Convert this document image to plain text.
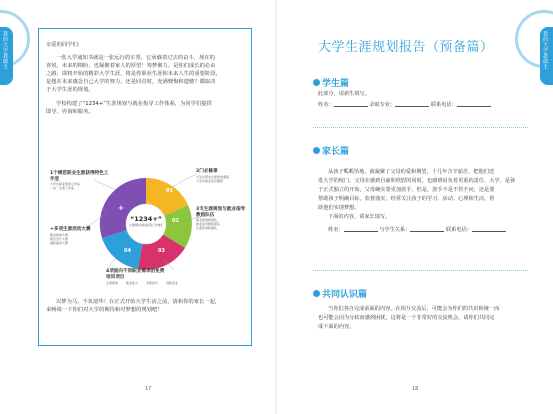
我的大学我做主	亲爱的同学们:
一张入学通知书就是一张远行的车票，它承载着过去的奋斗，现在的
喜悦，未来的期盼，也凝聚着家人的厚望！筹梦聚力，是你们成长的必由
之路，即将开始的精彩大学生涯，将是你职业生涯和未来人生的重要阶段，
是想在未来感念自己大学的努力，还是回首时，充满懊悔和遗憾？都取决
于大学生涯的规划。
学校构建了“1234+”生涯规划与就业指导工作体系，为同学们提供
即导、咨询和服务。
“1234+”
生涯规划与就业指导工作体系
01
02
03
04
+
1个模范职业生涯获得特色工作室
大学生职业规划工作室
—校一生涯工作室
2门必修课
大学生职业生涯规划课程
大学生就业指导课程
3支生涯规划与就业指导教师队伍
职业规划师团队
就业指导教师团队
生涯咨询师团队
4项面向不同职业需求的免费培训项目
生涯规划	职业能力	求职技巧	创新创业
+多项生涯活动大赛
职业规划大赛
简历设计大赛
模拟面试大赛
以梦为马，不负韶华！在正式开始大学生活之前，请和你的家长一起，
来畅谈一下你们对大学的期待和对梦想的规划吧！
17
我的大学我做主
大学生涯规划报告（预备篇）
学生篇
此部分，请新生填写。
姓名：	录取专业：	联系电话：
家长篇
从孩子呱呱坠地，就凝聚了父母的爱和期望，十几年含辛茹苦，把他们送
进大学的校门，父母在感到自豪和欣慰的同时，也感到肩负着更重的责任。大学，是孩
子正式独立的开始，父母确实要更加放手，但是，放手不是不管不问，还是要
帮助孩子明确目标，监督落实，经常关注孩子的学习、活动、心理和生活，帮
助他们实现梦想。
下面的内容，请家长填写。
姓名：	与学生关系：	联系电话：
共同认识篇
当你们各自完成前面的内容，在相互交流后，可能会为你们的共识和统一而
也可能会因为分歧而感到困扰，这将是一个非常好的交流机会，请你们共同完
成下面的内容。
18
